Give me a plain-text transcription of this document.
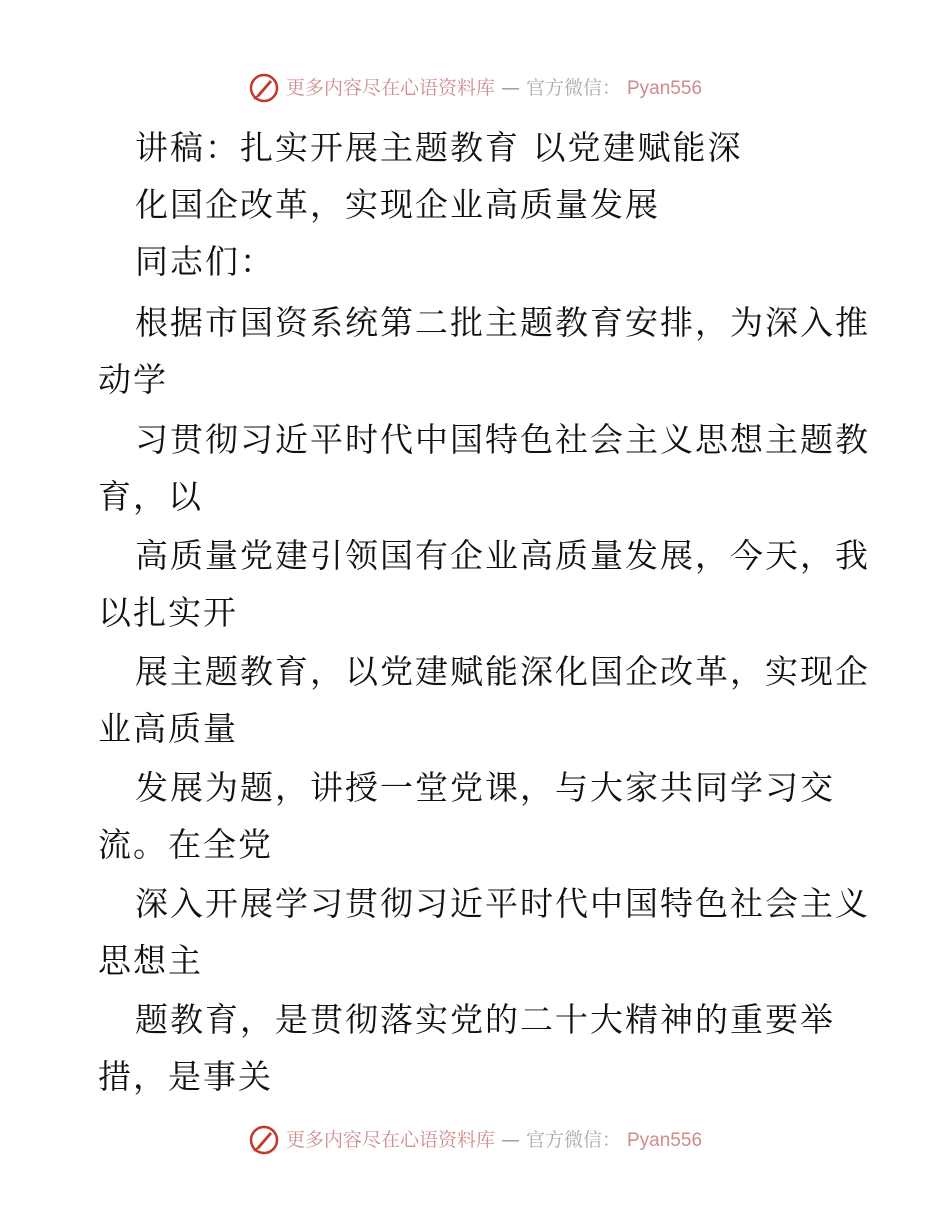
更多内容尽在心语资料库 — 官方微信： Pyan556
讲稿：扎实开展主题教育 以党建赋能深
化国企改革，实现企业高质量发展
同志们：
根据市国资系统第二批主题教育安排，为深入推
动学
习贯彻习近平时代中国特色社会主义思想主题教
育，以
高质量党建引领国有企业高质量发展，今天，我
以扎实开
展主题教育，以党建赋能深化国企改革，实现企
业高质量
发展为题，讲授一堂党课，与大家共同学习交
流。在全党
深入开展学习贯彻习近平时代中国特色社会主义
思想主
题教育，是贯彻落实党的二十大精神的重要举
措，是事关
更多内容尽在心语资料库 — 官方微信： Pyan556
